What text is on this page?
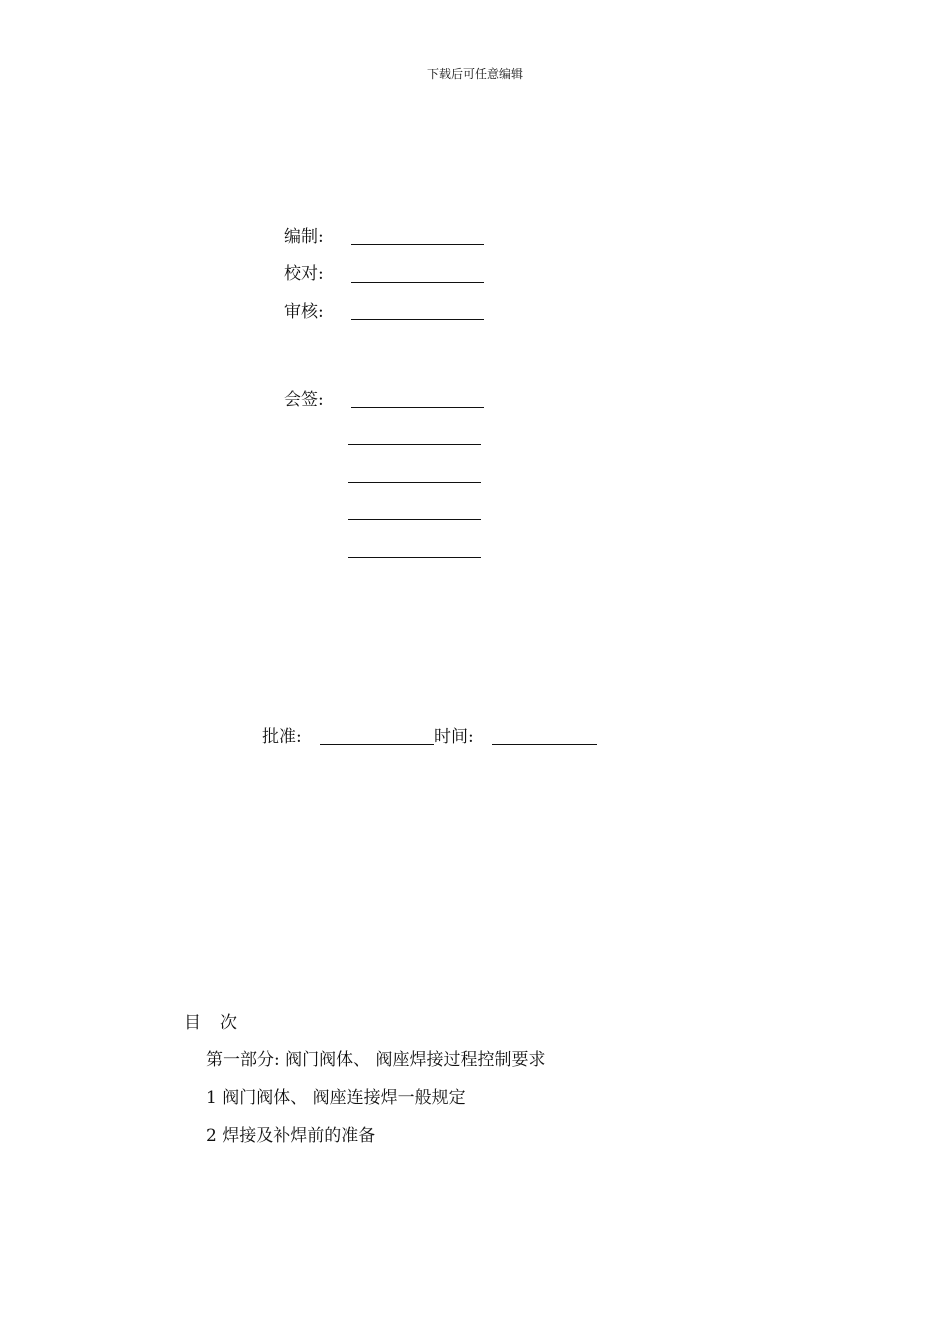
下载后可任意编辑
编制:
校对:
审核:
会签:
批准:	时间:
目次
第一部分: 阀门阀体、 阀座焊接过程控制要求
1 阀门阀体、 阀座连接焊一般规定
2 焊接及补焊前的准备
